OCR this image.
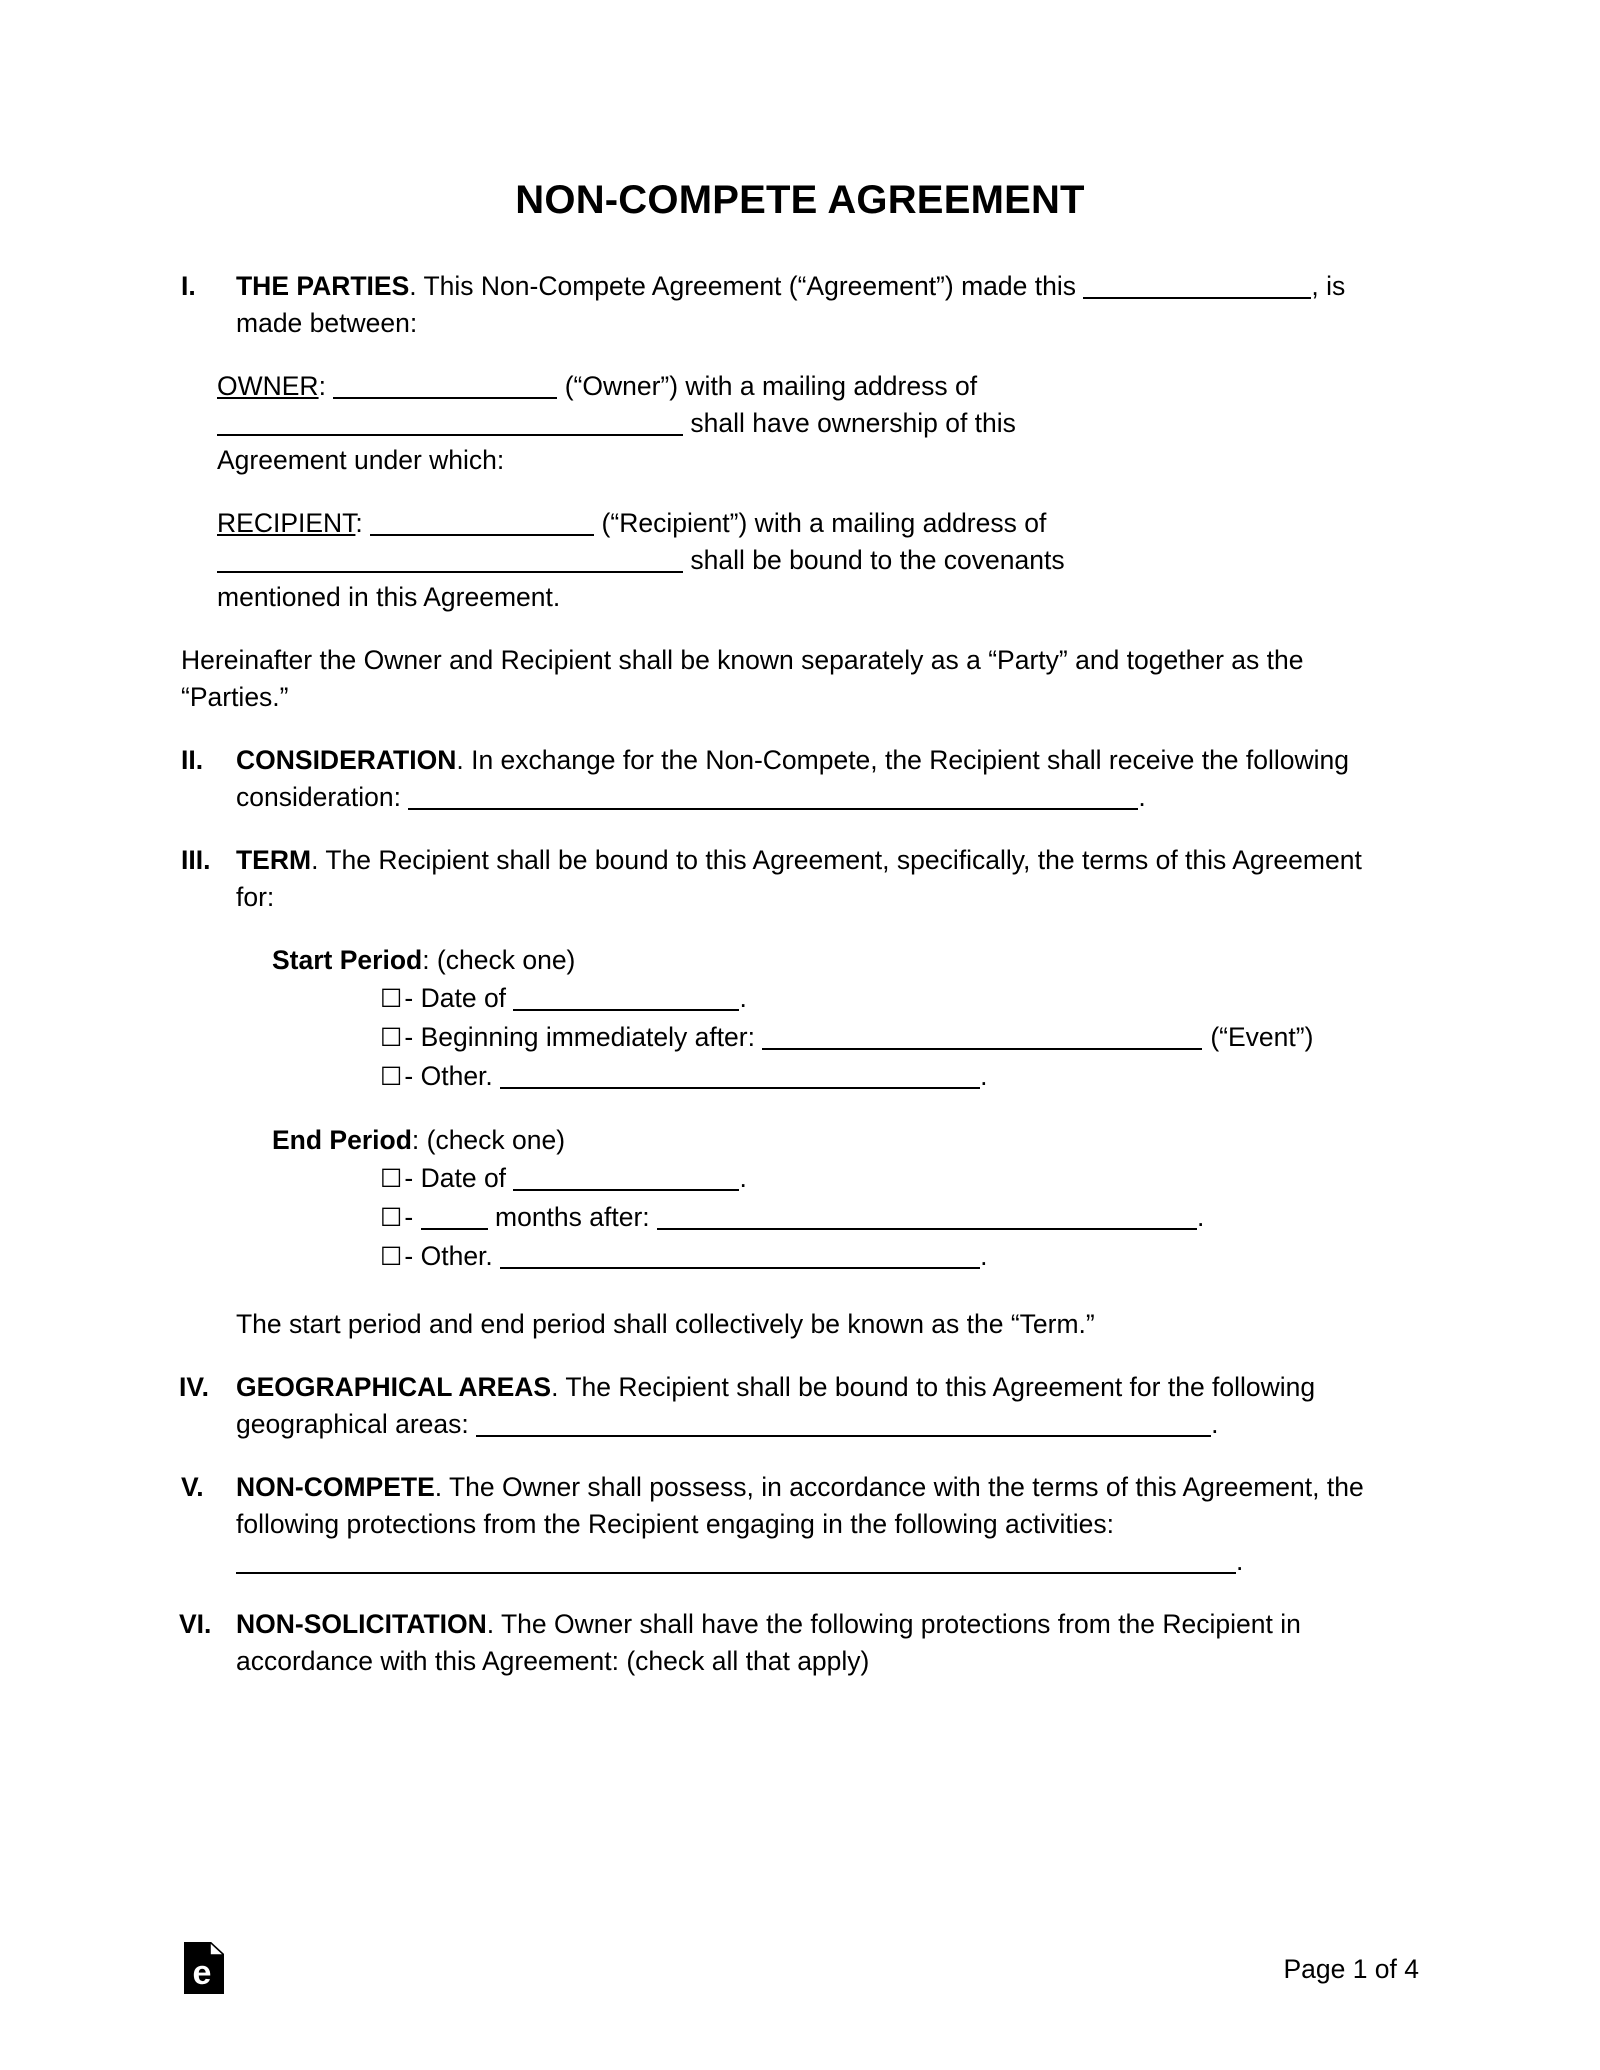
NON-COMPETE AGREEMENT
I. THE PARTIES. This Non-Compete Agreement (“Agreement”) made this	, is made between:
OWNER:	(“Owner”) with a mailing address of  shall have ownership of this
Agreement under which:
RECIPIENT:	(“Recipient”) with a mailing address of  shall be bound to the covenants
mentioned in this Agreement.
Hereinafter the Owner and Recipient shall be known separately as a “Party” and together as the “Parties.”
II. CONSIDERATION. In exchange for the Non-Compete, the Recipient shall receive the following consideration:	.
III. TERM. The Recipient shall be bound to this Agreement, specifically, the terms of this Agreement for:
Start Period: (check one)
☐- Date of	.
☐- Beginning immediately after:	(“Event”)
☐- Other.	.
End Period: (check one)
☐- Date of	.
☐-	months after:	.
☐- Other.	.
The start period and end period shall collectively be known as the “Term.”
IV. GEOGRAPHICAL AREAS. The Recipient shall be bound to this Agreement for the following geographical areas:	.
V. NON-COMPETE. The Owner shall possess, in accordance with the terms of this Agreement, the following protections from the Recipient engaging in the following activities: .
VI. NON-SOLICITATION. The Owner shall have the following protections from the Recipient in accordance with this Agreement: (check all that apply)
e	Page 1 of 4
